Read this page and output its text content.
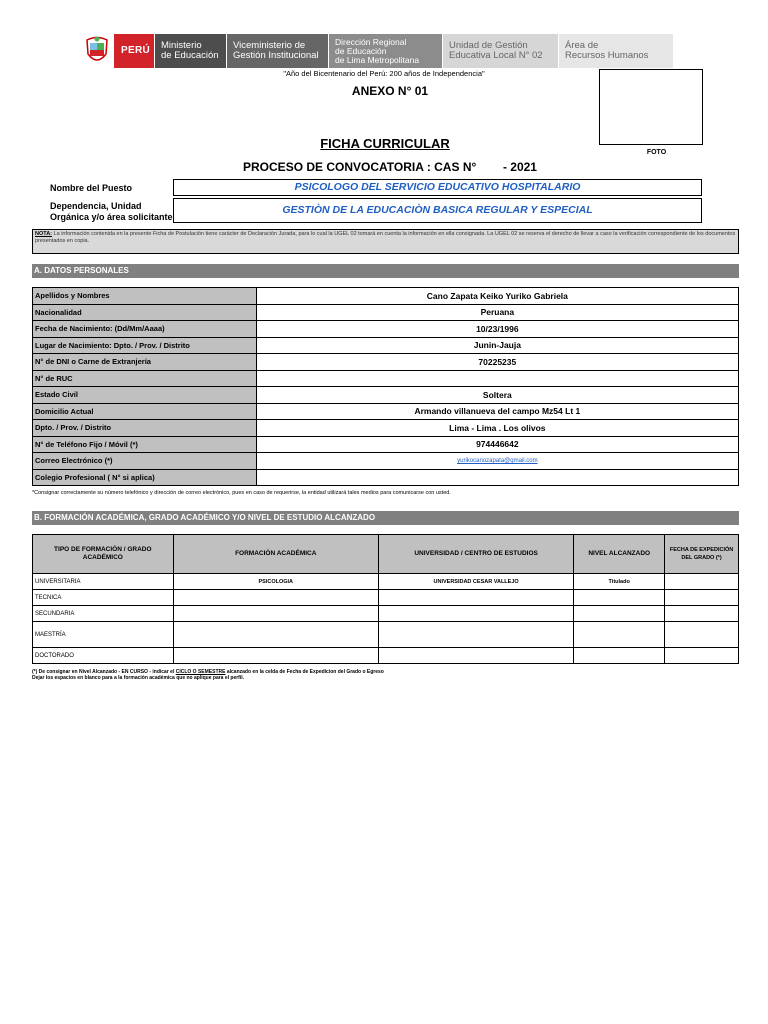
PERÚ Ministerio
de Educación
Viceministerio de
Gestión Institucional
Dirección Regional
de Educación
de Lima Metropolitana
Unidad de Gestión
Educativa Local N° 02
Área de
Recursos Humanos
"Año del Bicentenario del Perú: 200 años de Independencia"
ANEXO N° 01
FOTO
FICHA CURRICULAR
PROCESO DE CONVOCATORIA : CAS N°        - 2021
Nombre del Puesto	PSICOLOGO DEL SERVICIO EDUCATIVO HOSPITALARIO
Dependencia, Unidad
Orgánica y/o área solicitante
GESTIÒN DE LA EDUCACIÒN BASICA REGULAR Y ESPECIAL
NOTA: La información contenida en la presente Ficha de Postulación tiene carácter de Declaración Jurada, para lo cual la UGEL 02 tomará en cuenta la información en ella consignada. La UGEL 02 se reserva el derecho de llevar a caso la verificación correspondiente de los documentos presentados en copia.
A. DATOS PERSONALES
Apellidos y Nombres	Cano Zapata Keiko Yuriko Gabriela
Nacionalidad	Peruana
Fecha de Nacimiento: (Dd/Mm/Aaaa)	10/23/1996
Lugar de Nacimiento: Dpto. / Prov. / Distrito	Junin-Jauja
N° de DNI o Carne de Extranjería	70225235
N° de RUC	
Estado Civil	Soltera
Domicilio Actual	Armando villanueva del campo Mz54 Lt 1
Dpto. / Prov. / Distrito	Lima - Lima . Los olivos
N° de Teléfono Fijo / Móvil (*)	974446642
Correo Electrónico (*)	yurikocanozapata@gmail.com
Colegio Profesional ( N° si aplica)	
*Consignar correctamente su número telefónico y dirección de correo electrónico, pues en caso de requerirse, la entidad utilizará tales medios para comunicarse con usted.
B. FORMACIÓN ACADÉMICA, GRADO ACADÉMICO Y/O NIVEL DE ESTUDIO ALCANZADO
TIPO DE FORMACIÓN / GRADO ACADÉMICO	FORMACIÓN ACADÉMICA	UNIVERSIDAD / CENTRO DE ESTUDIOS	NIVEL ALCANZADO	FECHA DE EXPEDICIÓN DEL GRADO (*)
UNIVERSITARIA	PSICOLOGIA	UNIVERSIDAD CESAR VALLEJO	Titulado	
TECNICA				
SECUNDARIA				
MAESTRÍA				
DOCTORADO				
(*) De consignar en Nivel Alcanzado - EN CURSO - indicar el CICLO O SEMESTRE alcanzado en la celda de Fecha de Expedicion del Grado o Egreso
Dejar los espacios en blanco para a la formación académica que no aplique para el perfil.
